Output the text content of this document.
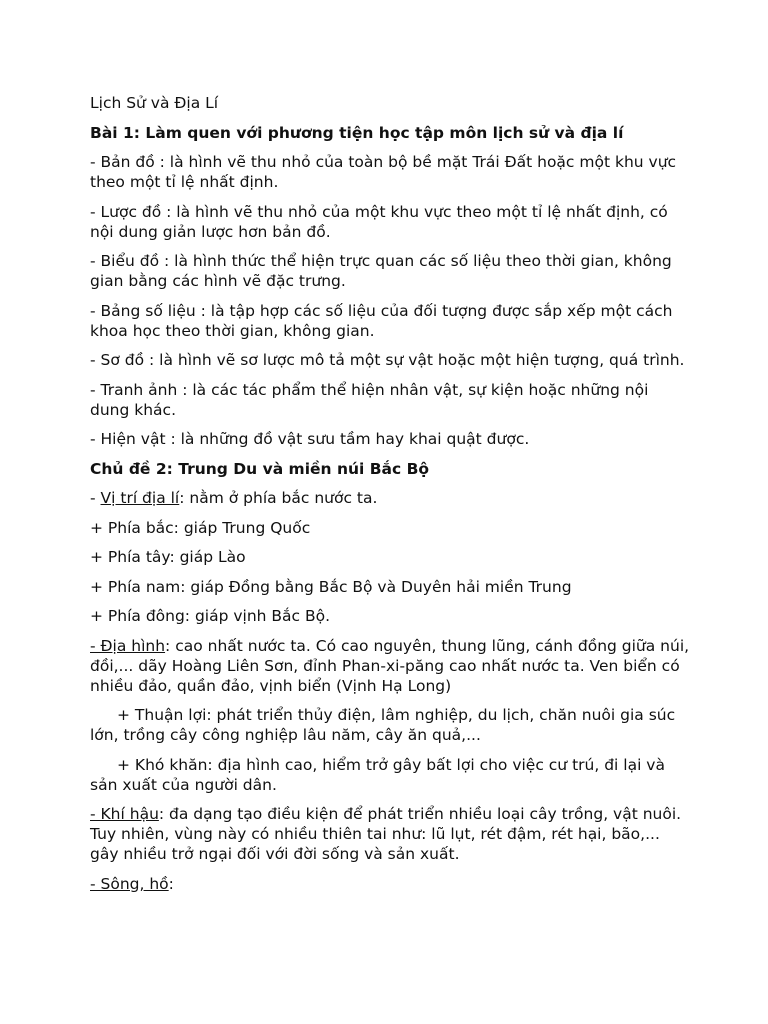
Lịch Sử và Địa Lí

Bài 1: Làm quen với phương tiện học tập môn lịch sử và địa lí

- Bản đồ : là hình vẽ thu nhỏ của toàn bộ bề mặt Trái Đất hoặc một khu vực theo một tỉ lệ nhất định.

- Lược đồ : là hình vẽ thu nhỏ của một khu vực theo một tỉ lệ nhất định, có nội dung giản lược hơn bản đồ.

- Biểu đồ : là hình thức thể hiện trực quan các số liệu theo thời gian, không gian bằng các hình vẽ đặc trưng.

- Bảng số liệu : là tập hợp các số liệu của đối tượng được sắp xếp một cách khoa học theo thời gian, không gian.

- Sơ đồ : là hình vẽ sơ lược mô tả một sự vật hoặc một hiện tượng, quá trình.

- Tranh ảnh : là các tác phẩm thể hiện nhân vật, sự kiện hoặc những nội dung khác.

- Hiện vật : là những đồ vật sưu tầm hay khai quật được.

Chủ đề 2: Trung Du và miền núi Bắc Bộ

- Vị trí địa lí: nằm ở phía bắc nước ta.

+ Phía bắc: giáp Trung Quốc

+ Phía tây: giáp Lào

+ Phía nam: giáp Đồng bằng Bắc Bộ và Duyên hải miền Trung

+ Phía đông: giáp vịnh Bắc Bộ.

- Địa hình: cao nhất nước ta. Có cao nguyên, thung lũng, cánh đồng giữa núi, đồi,... dãy Hoàng Liên Sơn, đỉnh Phan-xi-păng cao nhất nước ta. Ven biển có nhiều đảo, quần đảo, vịnh biển (Vịnh Hạ Long)

+ Thuận lợi: phát triển thủy điện, lâm nghiệp, du lịch, chăn nuôi gia súc lớn, trồng cây công nghiệp lâu năm, cây ăn quả,...

+ Khó khăn: địa hình cao, hiểm trở gây bất lợi cho việc cư trú, đi lại và sản xuất của người dân.

- Khí hậu: đa dạng tạo điều kiện để phát triển nhiều loại cây trồng, vật nuôi. Tuy nhiên, vùng này có nhiều thiên tai như: lũ lụt, rét đậm, rét hại, bão,... gây nhiều trở ngại đối với đời sống và sản xuất.

- Sông, hồ:
